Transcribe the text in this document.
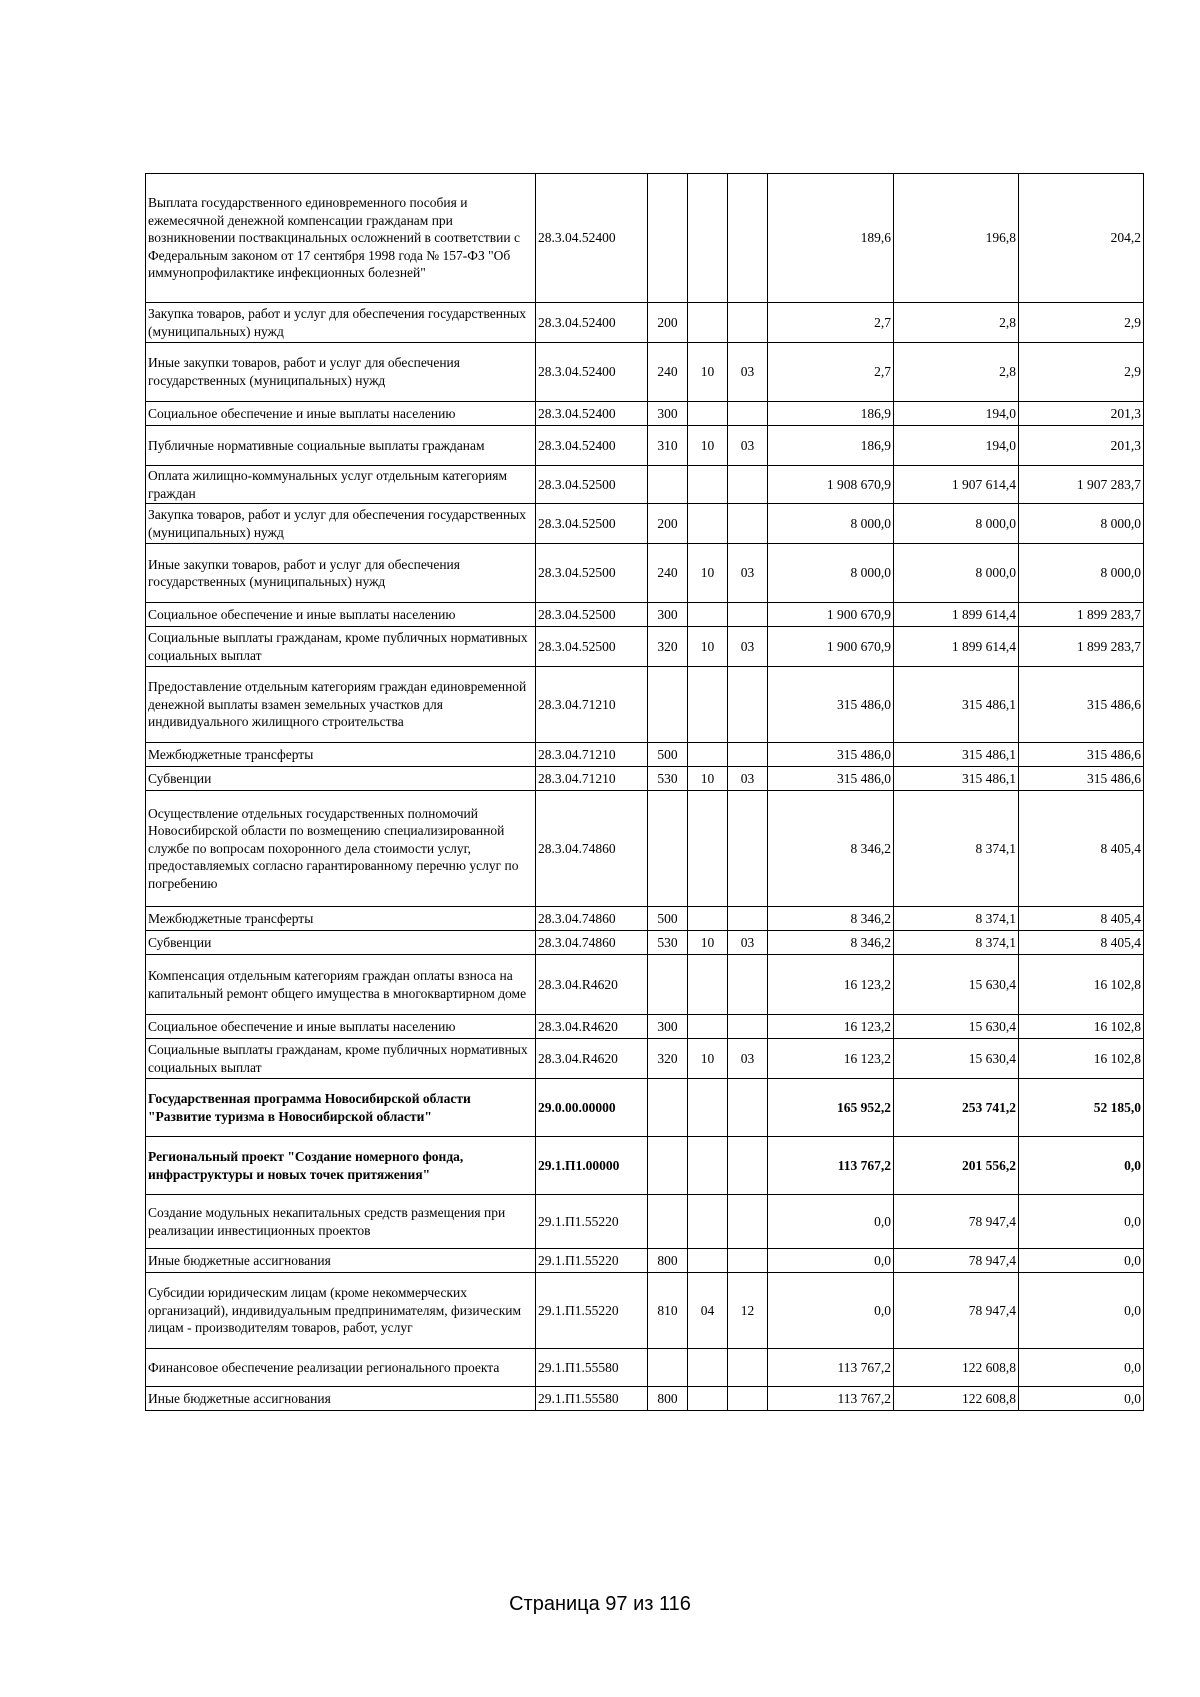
Выплата государственного единовременного пособия и ежемесячной денежной компенсации гражданам при возникновении поствакцинальных осложнений в соответствии с Федеральным законом от 17 сентября 1998 года № 157-ФЗ "Об иммунопрофилактике инфекционных болезней"	28.3.04.52400				189,6	196,8	204,2
Закупка товаров, работ и услуг для обеспечения государственных (муниципальных) нужд	28.3.04.52400	200			2,7	2,8	2,9
Иные закупки товаров, работ и услуг для обеспечения государственных (муниципальных) нужд	28.3.04.52400	240	10	03	2,7	2,8	2,9
Социальное обеспечение и иные выплаты населению	28.3.04.52400	300			186,9	194,0	201,3
Публичные нормативные социальные выплаты гражданам	28.3.04.52400	310	10	03	186,9	194,0	201,3
Оплата жилищно-коммунальных услуг отдельным категориям граждан	28.3.04.52500				1 908 670,9	1 907 614,4	1 907 283,7
Закупка товаров, работ и услуг для обеспечения государственных (муниципальных) нужд	28.3.04.52500	200			8 000,0	8 000,0	8 000,0
Иные закупки товаров, работ и услуг для обеспечения государственных (муниципальных) нужд	28.3.04.52500	240	10	03	8 000,0	8 000,0	8 000,0
Социальное обеспечение и иные выплаты населению	28.3.04.52500	300			1 900 670,9	1 899 614,4	1 899 283,7
Социальные выплаты гражданам, кроме публичных нормативных социальных выплат	28.3.04.52500	320	10	03	1 900 670,9	1 899 614,4	1 899 283,7
Предоставление отдельным категориям граждан единовременной денежной выплаты взамен земельных участков для индивидуального жилищного строительства	28.3.04.71210				315 486,0	315 486,1	315 486,6
Межбюджетные трансферты	28.3.04.71210	500			315 486,0	315 486,1	315 486,6
Субвенции	28.3.04.71210	530	10	03	315 486,0	315 486,1	315 486,6
Осуществление отдельных государственных полномочий Новосибирской области по возмещению специализированной службе по вопросам похоронного дела стоимости услуг, предоставляемых согласно гарантированному перечню услуг по погребению	28.3.04.74860				8 346,2	8 374,1	8 405,4
Межбюджетные трансферты	28.3.04.74860	500			8 346,2	8 374,1	8 405,4
Субвенции	28.3.04.74860	530	10	03	8 346,2	8 374,1	8 405,4
Компенсация отдельным категориям граждан оплаты взноса на капитальный ремонт общего имущества в многоквартирном доме	28.3.04.R4620				16 123,2	15 630,4	16 102,8
Социальное обеспечение и иные выплаты населению	28.3.04.R4620	300			16 123,2	15 630,4	16 102,8
Социальные выплаты гражданам, кроме публичных нормативных социальных выплат	28.3.04.R4620	320	10	03	16 123,2	15 630,4	16 102,8
Государственная программа Новосибирской области "Развитие туризма в Новосибирской области"	29.0.00.00000				165 952,2	253 741,2	52 185,0
Региональный проект "Создание номерного фонда, инфраструктуры и новых точек притяжения"	29.1.П1.00000				113 767,2	201 556,2	0,0
Создание модульных некапитальных средств размещения при реализации инвестиционных проектов	29.1.П1.55220				0,0	78 947,4	0,0
Иные бюджетные ассигнования	29.1.П1.55220	800			0,0	78 947,4	0,0
Субсидии юридическим лицам (кроме некоммерческих организаций), индивидуальным предпринимателям, физическим лицам - производителям товаров, работ, услуг	29.1.П1.55220	810	04	12	0,0	78 947,4	0,0
Финансовое обеспечение реализации регионального проекта	29.1.П1.55580				113 767,2	122 608,8	0,0
Иные бюджетные ассигнования	29.1.П1.55580	800			113 767,2	122 608,8	0,0
Страница 97 из 116
